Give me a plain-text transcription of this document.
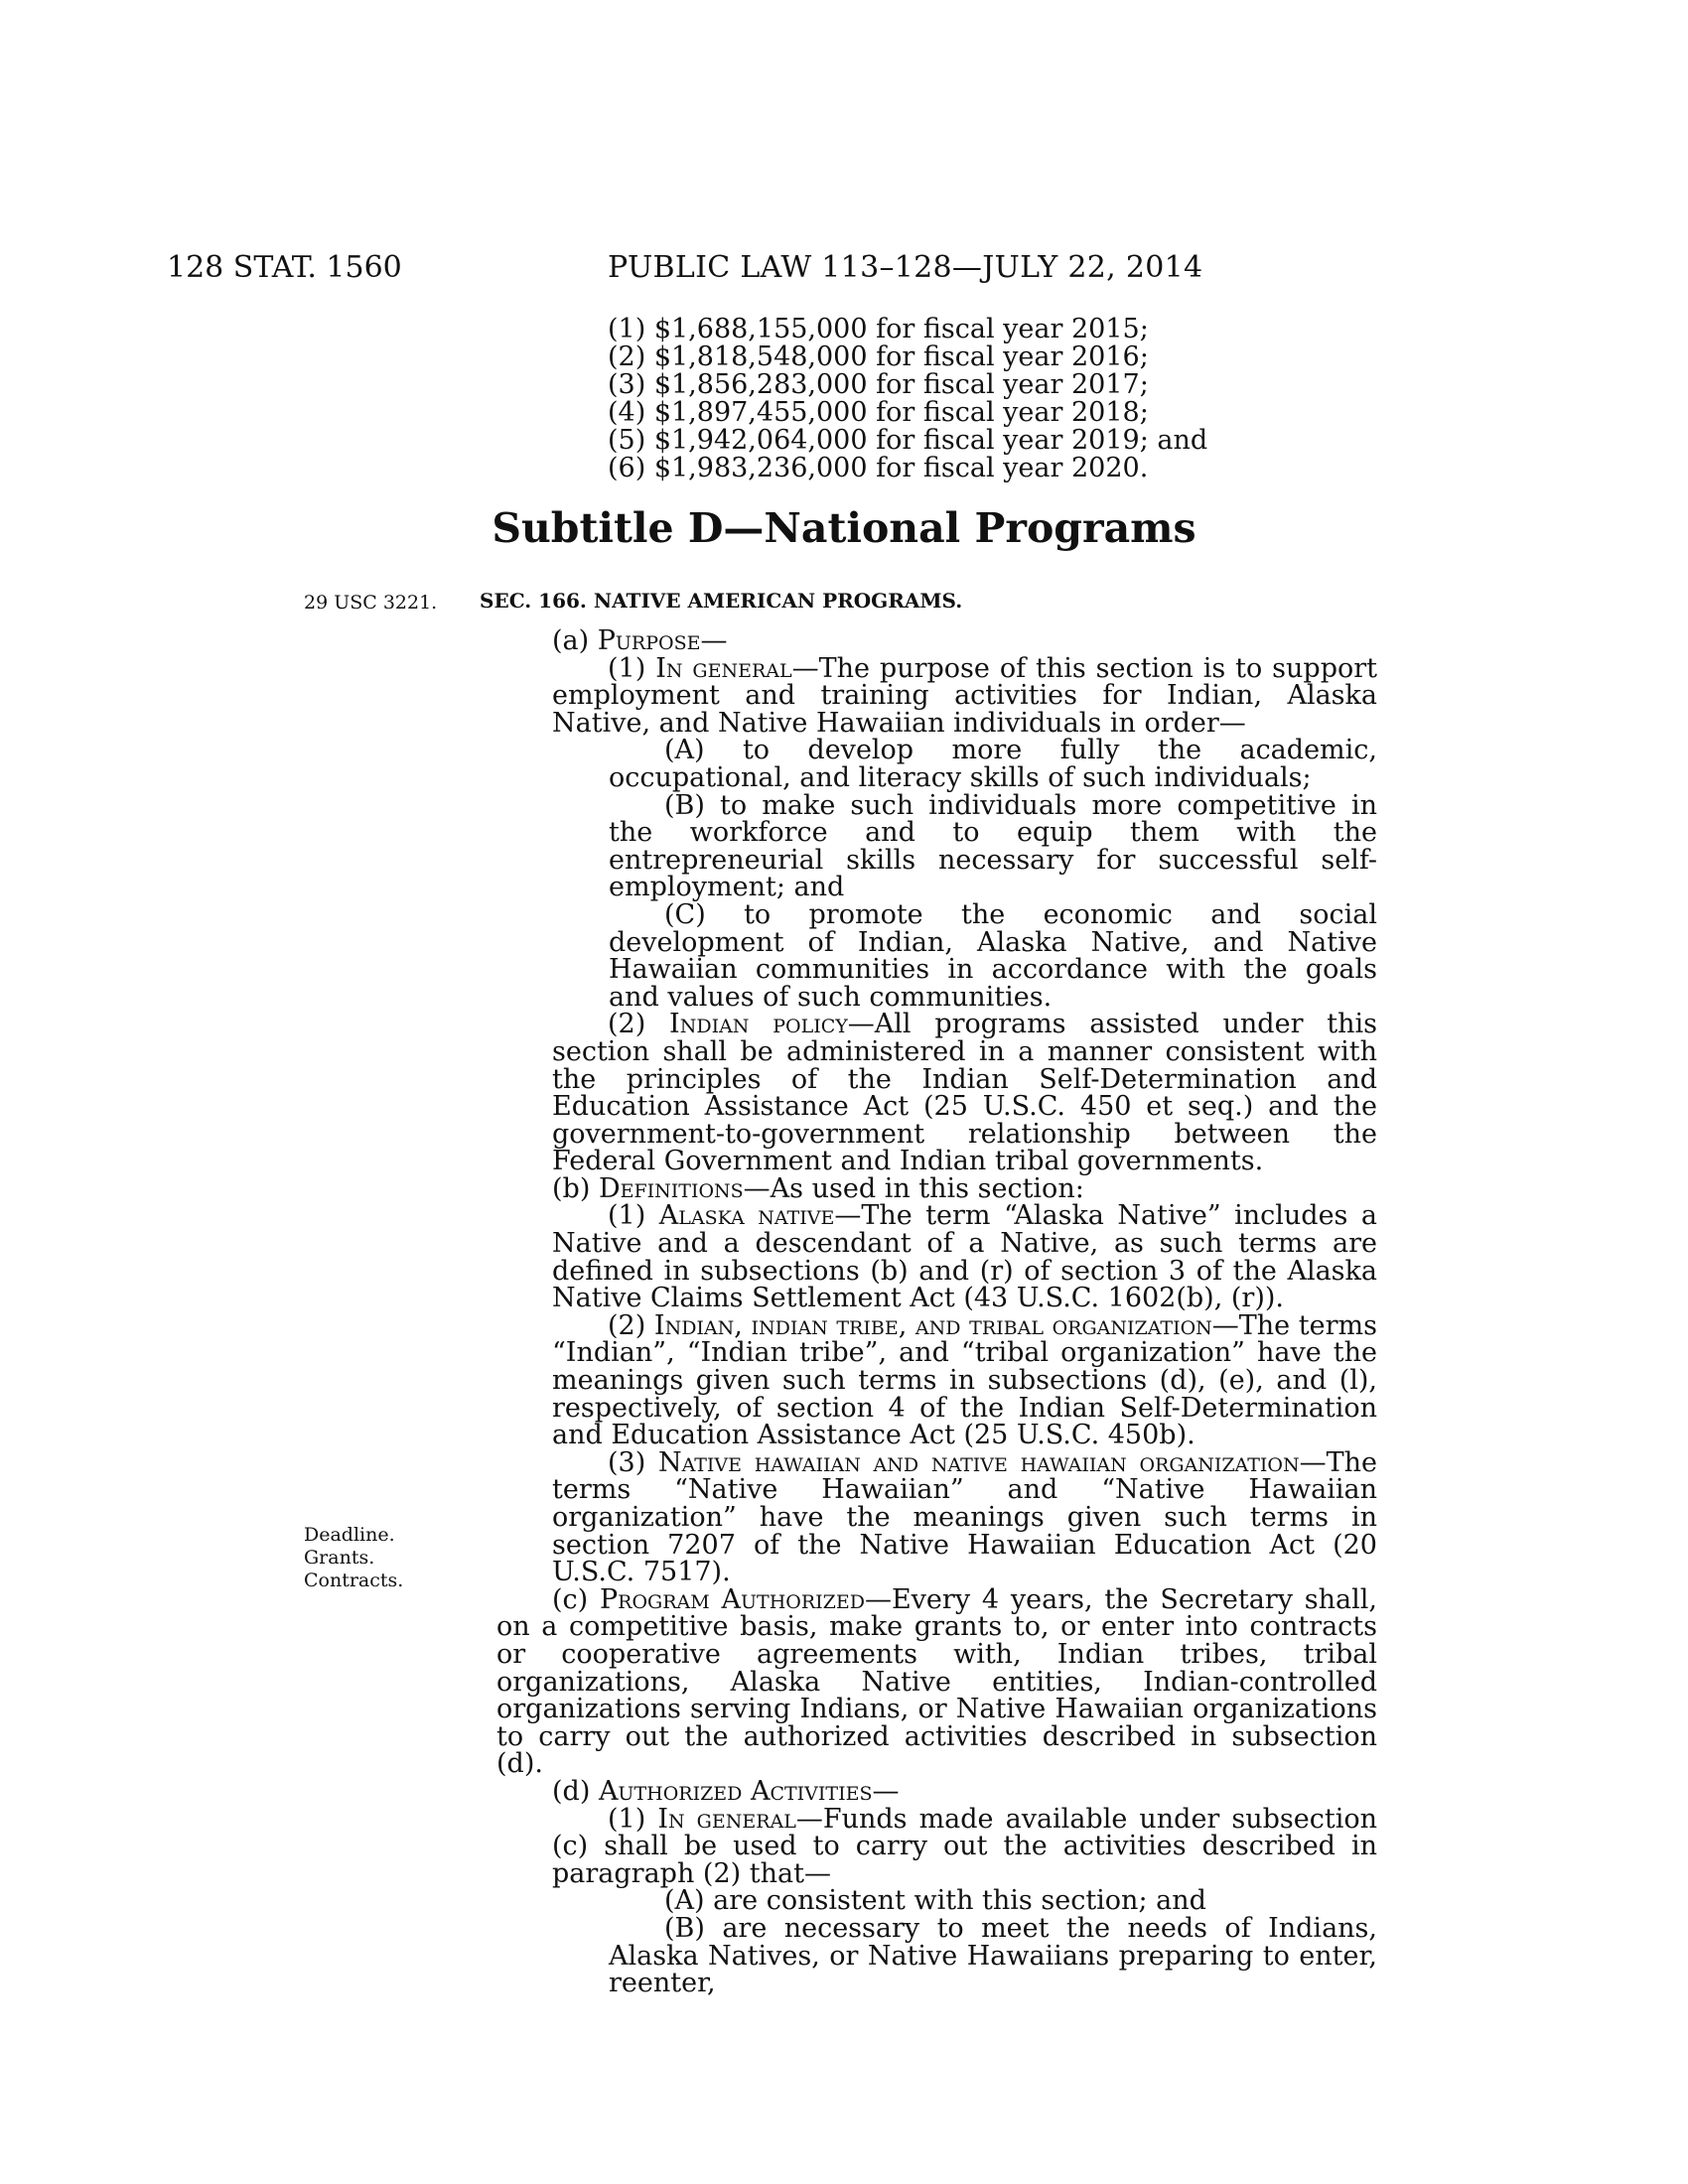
128 STAT. 1560	PUBLIC LAW 113–128—JULY 22, 2014
(1) $1,688,155,000 for fiscal year 2015;
(2) $1,818,548,000 for fiscal year 2016;
(3) $1,856,283,000 for fiscal year 2017;
(4) $1,897,455,000 for fiscal year 2018;
(5) $1,942,064,000 for fiscal year 2019; and
(6) $1,983,236,000 for fiscal year 2020.
Subtitle D—National Programs
29 USC 3221. SEC. 166. NATIVE AMERICAN PROGRAMS.
Deadline.
Grants.
Contracts.

(a) Purpose—

(1) In general—The purpose of this section is to support employment and training activities for Indian, Alaska Native, and Native Hawaiian individuals in order—

(A) to develop more fully the academic, occupational, and literacy skills of such individuals;

(B) to make such individuals more competitive in the workforce and to equip them with the entrepreneurial skills necessary for successful self-employment; and

(C) to promote the economic and social development of Indian, Alaska Native, and Native Hawaiian communities in accordance with the goals and values of such communities.

(2) Indian policy—All programs assisted under this section shall be administered in a manner consistent with the principles of the Indian Self-Determination and Education Assistance Act (25 U.S.C. 450 et seq.) and the government-to-government relationship between the Federal Government and Indian tribal governments.

(b) Definitions—As used in this section:

(1) Alaska native—The term “Alaska Native” includes a Native and a descendant of a Native, as such terms are defined in subsections (b) and (r) of section 3 of the Alaska Native Claims Settlement Act (43 U.S.C. 1602(b), (r)).

(2) Indian, indian tribe, and tribal organization—The terms “Indian”, “Indian tribe”, and “tribal organization” have the meanings given such terms in subsections (d), (e), and (l), respectively, of section 4 of the Indian Self-Determination and Education Assistance Act (25 U.S.C. 450b).

(3) Native hawaiian and native hawaiian organization—The terms “Native Hawaiian” and “Native Hawaiian organization” have the meanings given such terms in section 7207 of the Native Hawaiian Education Act (20 U.S.C. 7517).

(c) Program Authorized—Every 4 years, the Secretary shall, on a competitive basis, make grants to, or enter into contracts or cooperative agreements with, Indian tribes, tribal organizations, Alaska Native entities, Indian-controlled organizations serving Indians, or Native Hawaiian organizations to carry out the authorized activities described in subsection (d).

(d) Authorized Activities—

(1) In general—Funds made available under subsection (c) shall be used to carry out the activities described in paragraph (2) that—

(A) are consistent with this section; and

(B) are necessary to meet the needs of Indians, Alaska Natives, or Native Hawaiians preparing to enter, reenter,
